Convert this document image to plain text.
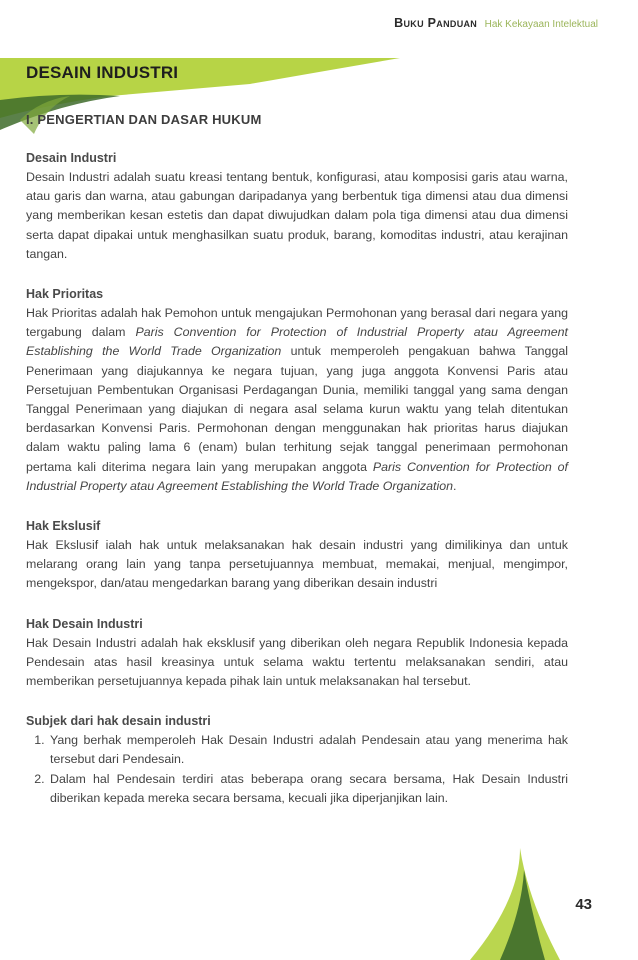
Buku Panduan Hak Kekayaan Intelektual
DESAIN INDUSTRI
I. PENGERTIAN DAN DASAR HUKUM
Desain Industri
Desain Industri adalah suatu kreasi tentang bentuk, konfigurasi, atau komposisi garis atau warna, atau garis dan warna, atau gabungan daripadanya yang berbentuk tiga dimensi atau dua dimensi yang memberikan kesan estetis dan dapat diwujudkan dalam pola tiga dimensi atau dua dimensi serta dapat dipakai untuk menghasilkan suatu produk, barang, komoditas industri, atau kerajinan tangan.
Hak Prioritas
Hak Prioritas adalah hak Pemohon untuk mengajukan Permohonan yang berasal dari negara yang tergabung dalam Paris Convention for Protection of Industrial Property atau Agreement Establishing the World Trade Organization untuk memperoleh pengakuan bahwa Tanggal Penerimaan yang diajukannya ke negara tujuan, yang juga anggota Konvensi Paris atau Persetujuan Pembentukan Organisasi Perdagangan Dunia, memiliki tanggal yang sama dengan Tanggal Penerimaan yang diajukan di negara asal selama kurun waktu yang telah ditentukan berdasarkan Konvensi Paris. Permohonan dengan menggunakan hak prioritas harus diajukan dalam waktu paling lama 6 (enam) bulan terhitung sejak tanggal penerimaan permohonan pertama kali diterima negara lain yang merupakan anggota Paris Convention for Protection of Industrial Property atau Agreement Establishing the World Trade Organization.
Hak Ekslusif
Hak Ekslusif ialah hak untuk melaksanakan hak desain industri yang dimilikinya dan untuk melarang orang lain yang tanpa persetujuannya membuat, memakai, menjual, mengimpor, mengekspor, dan/atau mengedarkan barang yang diberikan desain industri
Hak Desain Industri
Hak Desain Industri adalah hak eksklusif yang diberikan oleh negara Republik Indonesia kepada Pendesain atas hasil kreasinya untuk selama waktu tertentu melaksanakan sendiri, atau memberikan persetujuannya kepada pihak lain untuk melaksanakan hal tersebut.
Subjek dari hak desain industri
1. Yang berhak memperoleh Hak Desain Industri adalah Pendesain atau yang menerima hak tersebut dari Pendesain.
2. Dalam hal Pendesain terdiri atas beberapa orang secara bersama, Hak Desain Industri diberikan kepada mereka secara bersama, kecuali jika diperjanjikan lain.
43
